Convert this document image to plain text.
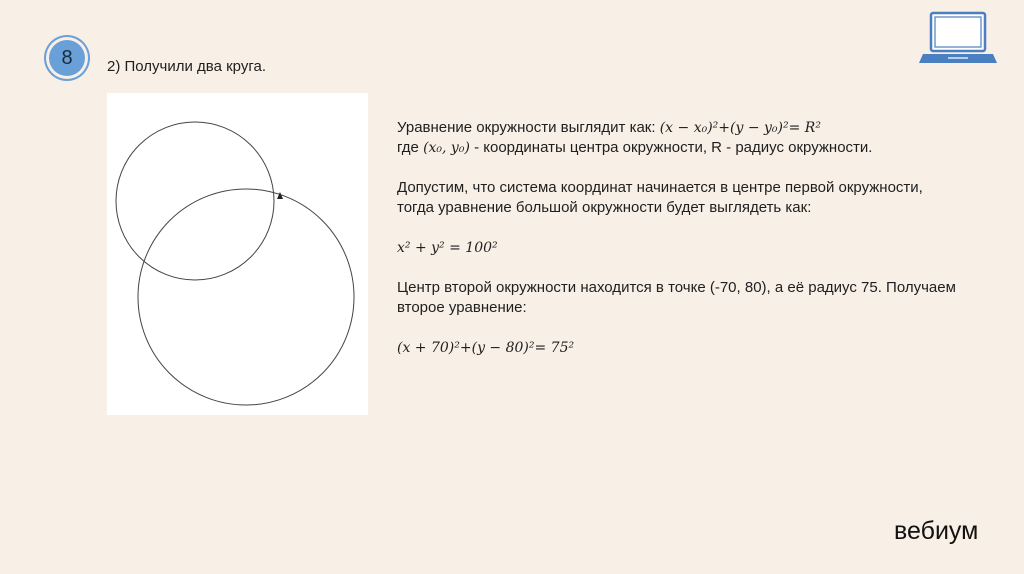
8 2) Получили два круга.

Уравнение окружности выглядит как: (x − x₀)²+(y − y₀)²= R²

где (x₀, y₀) - координаты центра окружности, R - радиус окружности.

Допустим, что система координат начинается в центре первой окружности, тогда уравнение большой окружности будет выглядеть как:

x² + y² = 100²

Центр второй окружности находится в точке (-70, 80), а её радиус 75. Получаем второе уравнение:

(x + 70)²+(y − 80)²= 75²

вебиум
